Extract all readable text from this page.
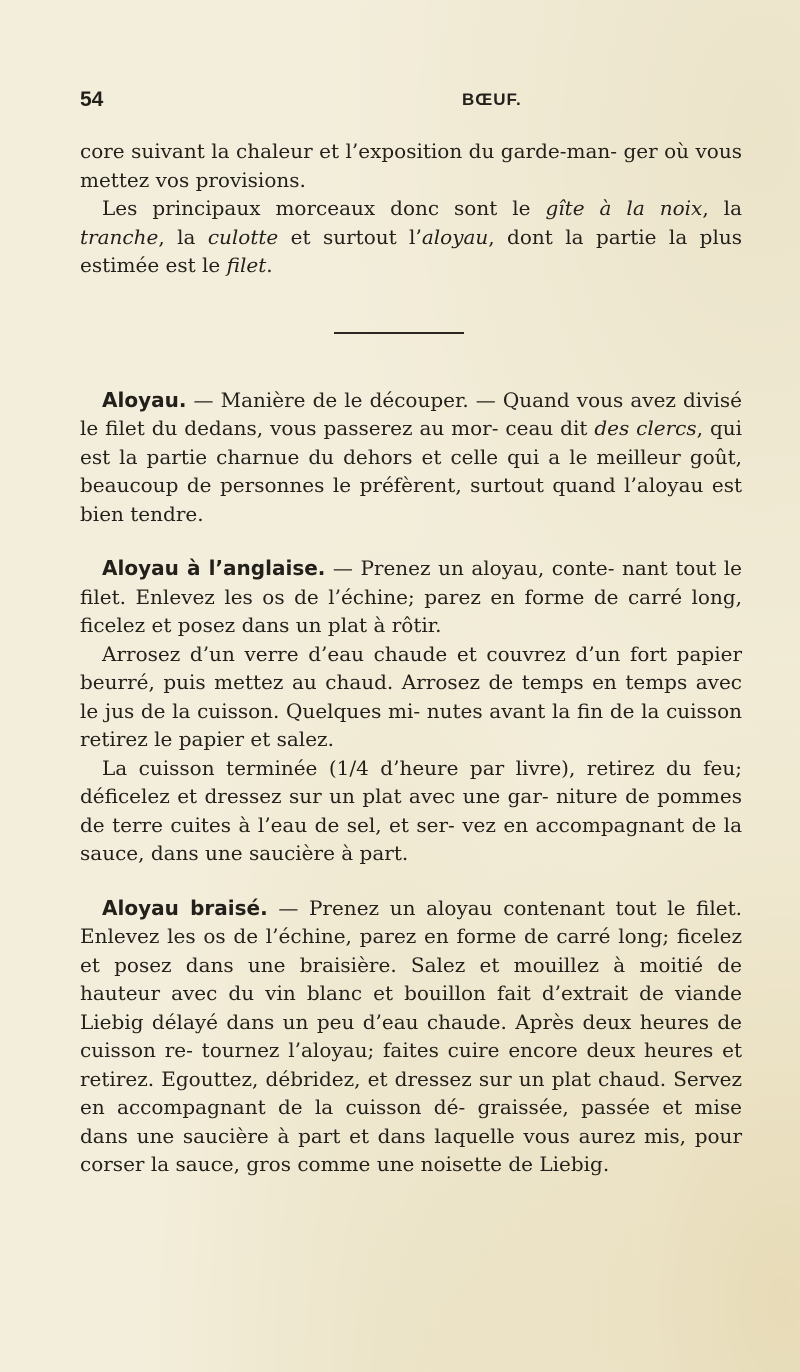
54	BŒUF.

core suivant la chaleur et l’exposition du garde-man- ger où vous mettez vos provisions.

Les principaux morceaux donc sont le gîte à la noix, la tranche, la culotte et surtout l’aloyau, dont la partie la plus estimée est le filet.

Aloyau. — Manière de le découper. — Quand vous avez divisé le filet du dedans, vous passerez au mor- ceau dit des clercs, qui est la partie charnue du dehors et celle qui a le meilleur goût, beaucoup de personnes le préfèrent, surtout quand l’aloyau est bien tendre.

Aloyau à l’anglaise. — Prenez un aloyau, conte- nant tout le filet. Enlevez les os de l’échine; parez en forme de carré long, ficelez et posez dans un plat à rôtir.

Arrosez d’un verre d’eau chaude et couvrez d’un fort papier beurré, puis mettez au chaud. Arrosez de temps en temps avec le jus de la cuisson. Quelques mi- nutes avant la fin de la cuisson retirez le papier et salez.

La cuisson terminée (1/4 d’heure par livre), retirez du feu; déficelez et dressez sur un plat avec une gar- niture de pommes de terre cuites à l’eau de sel, et ser- vez en accompagnant de la sauce, dans une saucière à part.

Aloyau braisé. — Prenez un aloyau contenant tout le filet. Enlevez les os de l’échine, parez en forme de carré long; ficelez et posez dans une braisière. Salez et mouillez à moitié de hauteur avec du vin blanc et bouillon fait d’extrait de viande Liebig délayé dans un peu d’eau chaude. Après deux heures de cuisson re- tournez l’aloyau; faites cuire encore deux heures et retirez. Egouttez, débridez, et dressez sur un plat chaud. Servez en accompagnant de la cuisson dé- graissée, passée et mise dans une saucière à part et dans laquelle vous aurez mis, pour corser la sauce, gros comme une noisette de Liebig.
